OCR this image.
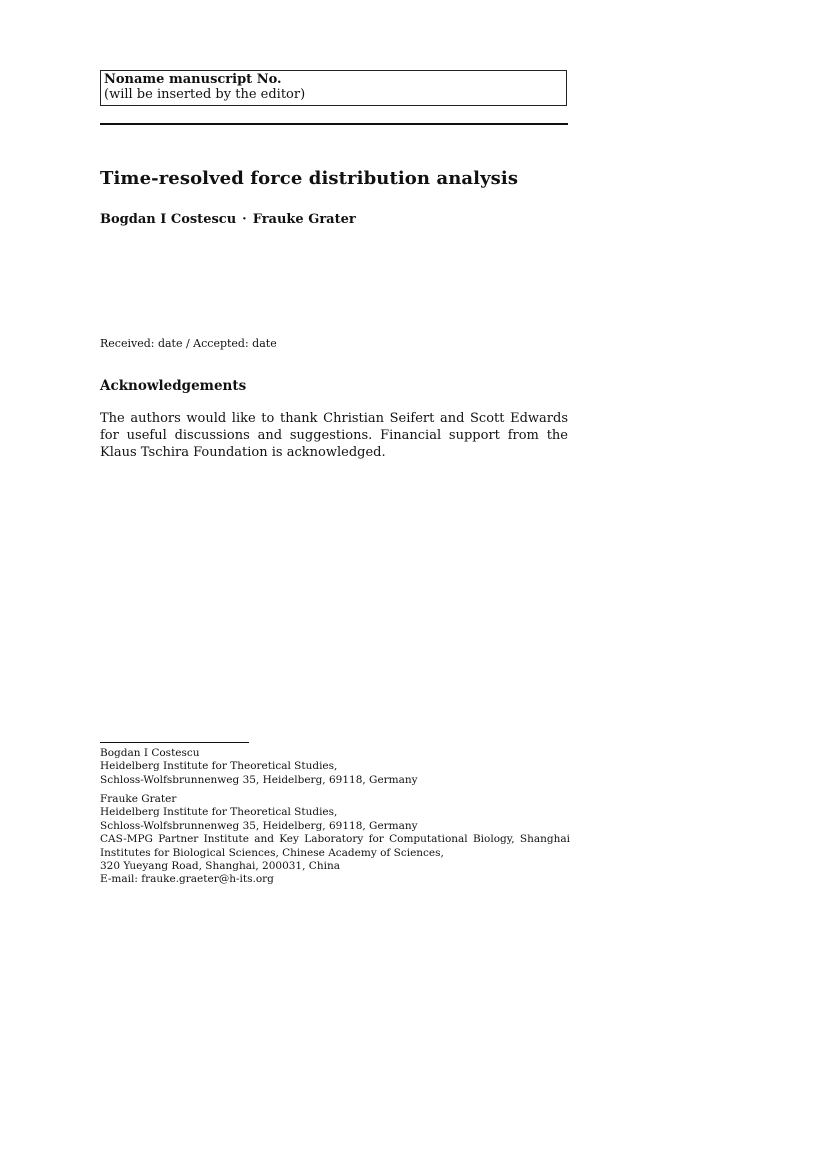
Noname manuscript No.
(will be inserted by the editor)
Time-resolved force distribution analysis
Bogdan I Costescu · Frauke Grater
Received: date / Accepted: date
Acknowledgements
The authors would like to thank Christian Seifert and Scott Edwards for useful discussions and suggestions. Financial support from the Klaus Tschira Foundation is acknowledged.
Bogdan I Costescu
Heidelberg Institute for Theoretical Studies,
Schloss-Wolfsbrunnenweg 35, Heidelberg, 69118, Germany
Frauke Grater
Heidelberg Institute for Theoretical Studies,
Schloss-Wolfsbrunnenweg 35, Heidelberg, 69118, Germany
CAS-MPG Partner Institute and Key Laboratory for Computational Biology, Shanghai
Institutes for Biological Sciences, Chinese Academy of Sciences,
320 Yueyang Road, Shanghai, 200031, China
E-mail: frauke.graeter@h-its.org
